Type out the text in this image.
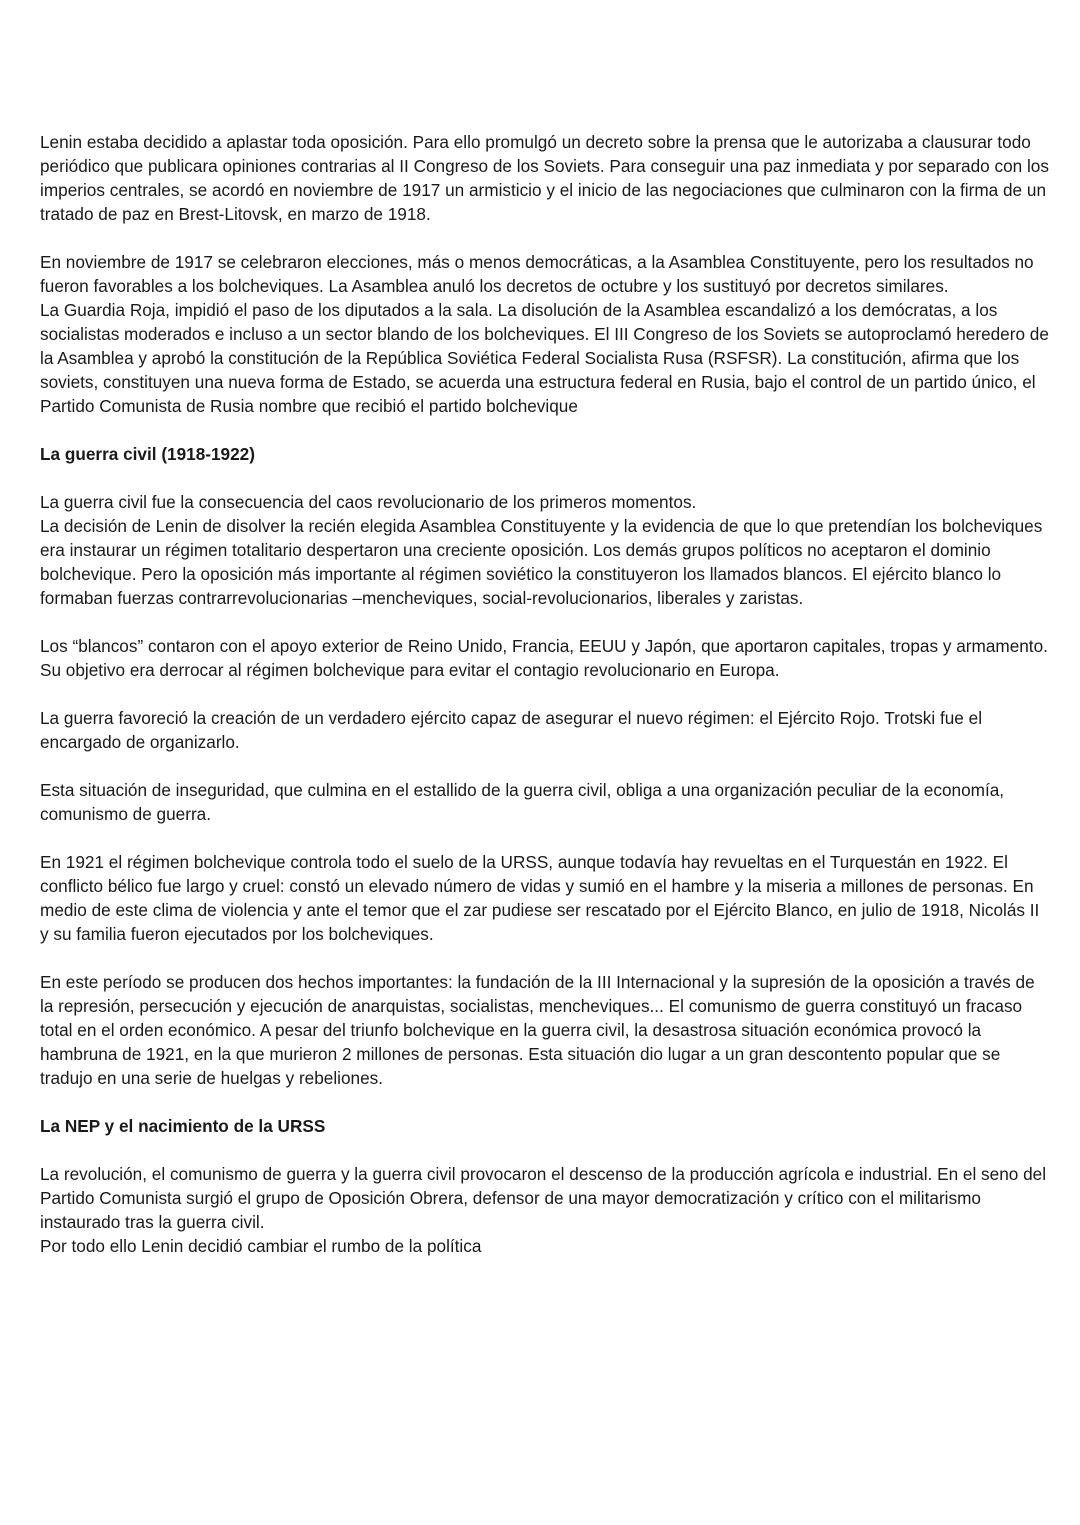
Lenin estaba decidido a aplastar toda oposición. Para ello promulgó un decreto sobre la prensa que le autorizaba a clausurar todo periódico que publicara opiniones contrarias al II Congreso de los Soviets. Para conseguir una paz inmediata y por separado con los imperios centrales, se acordó en noviembre de 1917 un armisticio y el inicio de las negociaciones que culminaron con la firma de un tratado de paz en Brest-Litovsk, en marzo de 1918.

En noviembre de 1917 se celebraron elecciones, más o menos democráticas, a la Asamblea Constituyente, pero los resultados no fueron favorables a los bolcheviques. La Asamblea anuló los decretos de octubre y los sustituyó por decretos similares.

La Guardia Roja, impidió el paso de los diputados a la sala. La disolución de la Asamblea escandalizó a los demócratas, a los socialistas moderados e incluso a un sector blando de los bolcheviques. El III Congreso de los Soviets se autoproclamó heredero de la Asamblea y aprobó la constitución de la República Soviética Federal Socialista Rusa (RSFSR). La constitución, afirma que los soviets, constituyen una nueva forma de Estado, se acuerda una estructura federal en Rusia, bajo el control de un partido único, el Partido Comunista de Rusia nombre que recibió el partido bolchevique

La guerra civil (1918-1922)

La guerra civil fue la consecuencia del caos revolucionario de los primeros momentos.

La decisión de Lenin de disolver la recién elegida Asamblea Constituyente y la evidencia de que lo que pretendían los bolcheviques era instaurar un régimen totalitario despertaron una creciente oposición. Los demás grupos políticos no aceptaron el dominio bolchevique. Pero la oposición más importante al régimen soviético la constituyeron los llamados blancos. El ejército blanco lo formaban fuerzas contrarrevolucionarias –mencheviques, social-revolucionarios, liberales y zaristas.

Los “blancos” contaron con el apoyo exterior de Reino Unido, Francia, EEUU y Japón, que aportaron capitales, tropas y armamento. Su objetivo era derrocar al régimen bolchevique para evitar el contagio revolucionario en Europa.

La guerra favoreció la creación de un verdadero ejército capaz de asegurar el nuevo régimen: el Ejército Rojo. Trotski fue el encargado de organizarlo.

Esta situación de inseguridad, que culmina en el estallido de la guerra civil, obliga a una organización peculiar de la economía, comunismo de guerra.

En 1921 el régimen bolchevique controla todo el suelo de la URSS, aunque todavía hay revueltas en el Turquestán en 1922. El conflicto bélico fue largo y cruel: constó un elevado número de vidas y sumió en el hambre y la miseria a millones de personas. En medio de este clima de violencia y ante el temor que el zar pudiese ser rescatado por el Ejército Blanco, en julio de 1918, Nicolás II y su familia fueron ejecutados por los bolcheviques.

En este período se producen dos hechos importantes: la fundación de la III Internacional y la supresión de la oposición a través de la represión, persecución y ejecución de anarquistas, socialistas, mencheviques... El comunismo de guerra constituyó un fracaso total en el orden económico. A pesar del triunfo bolchevique en la guerra civil, la desastrosa situación económica provocó la hambruna de 1921, en la que murieron 2 millones de personas. Esta situación dio lugar a un gran descontento popular que se tradujo en una serie de huelgas y rebeliones.

La NEP y el nacimiento de la URSS

La revolución, el comunismo de guerra y la guerra civil provocaron el descenso de la producción agrícola e industrial. En el seno del Partido Comunista surgió el grupo de Oposición Obrera, defensor de una mayor democratización y crítico con el militarismo instaurado tras la guerra civil.

Por todo ello Lenin decidió cambiar el rumbo de la política
